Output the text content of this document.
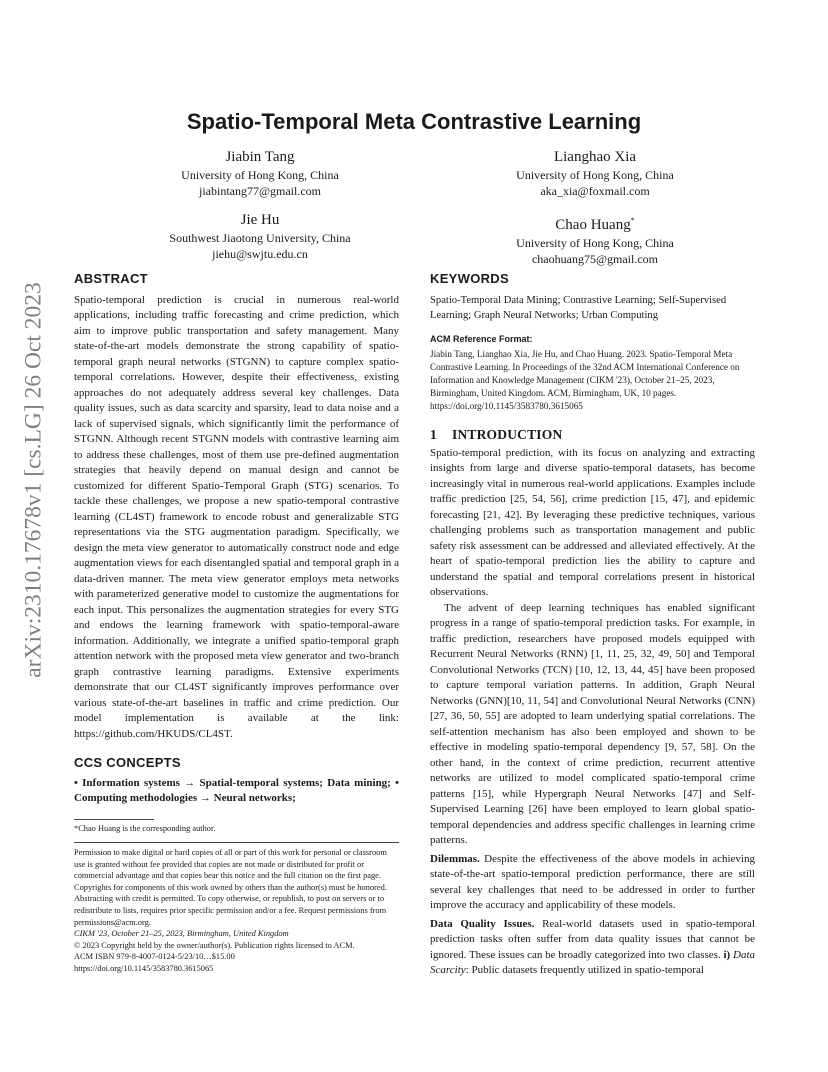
arXiv:2310.17678v1 [cs.LG] 26 Oct 2023
Spatio-Temporal Meta Contrastive Learning
Jiabin Tang
University of Hong Kong, China
jiabintang77@gmail.com
Lianghao Xia
University of Hong Kong, China
aka_xia@foxmail.com
Jie Hu
Southwest Jiaotong University, China
jiehu@swjtu.edu.cn
Chao Huang*
University of Hong Kong, China
chaohuang75@gmail.com
ABSTRACT

Spatio-temporal prediction is crucial in numerous real-world applications, including traffic forecasting and crime prediction, which aim to improve public transportation and safety management. Many state-of-the-art models demonstrate the strong capability of spatio-temporal graph neural networks (STGNN) to capture complex spatio-temporal correlations. However, despite their effectiveness, existing approaches do not adequately address several key challenges. Data quality issues, such as data scarcity and sparsity, lead to data noise and a lack of supervised signals, which significantly limit the performance of STGNN. Although recent STGNN models with contrastive learning aim to address these challenges, most of them use pre-defined augmentation strategies that heavily depend on manual design and cannot be customized for different Spatio-Temporal Graph (STG) scenarios. To tackle these challenges, we propose a new spatio-temporal contrastive learning (CL4ST) framework to encode robust and generalizable STG representations via the STG augmentation paradigm. Specifically, we design the meta view generator to automatically construct node and edge augmentation views for each disentangled spatial and temporal graph in a data-driven manner. The meta view generator employs meta networks with parameterized generative model to customize the augmentations for each input. This personalizes the augmentation strategies for every STG and endows the learning framework with spatio-temporal-aware information. Additionally, we integrate a unified spatio-temporal graph attention network with the proposed meta view generator and two-branch graph contrastive learning paradigms. Extensive experiments demonstrate that our CL4ST significantly improves performance over various state-of-the-art baselines in traffic and crime prediction. Our model implementation is available at the link: https://github.com/HKUDS/CL4ST.

CCS CONCEPTS

• Information systems → Spatial-temporal systems; Data mining; • Computing methodologies → Neural networks;

*Chao Huang is the corresponding author.

Permission to make digital or hard copies of all or part of this work for personal or classroom use is granted without fee provided that copies are not made or distributed for profit or commercial advantage and that copies bear this notice and the full citation on the first page. Copyrights for components of this work owned by others than the author(s) must be honored. Abstracting with credit is permitted. To copy otherwise, or republish, to post on servers or to redistribute to lists, requires prior specific permission and/or a fee. Request permissions from permissions@acm.org.

CIKM '23, October 21–25, 2023, Birmingham, United Kingdom

© 2023 Copyright held by the owner/author(s). Publication rights licensed to ACM.

ACM ISBN 979-8-4007-0124-5/23/10…$15.00

https://doi.org/10.1145/3583780.3615065

KEYWORDS

Spatio-Temporal Data Mining; Contrastive Learning; Self-Supervised Learning; Graph Neural Networks; Urban Computing

ACM Reference Format:

Jiabin Tang, Lianghao Xia, Jie Hu, and Chao Huang. 2023. Spatio-Temporal Meta Contrastive Learning. In Proceedings of the 32nd ACM International Conference on Information and Knowledge Management (CIKM '23), October 21–25, 2023, Birmingham, United Kingdom. ACM, Birmingham, UK, 10 pages. https://doi.org/10.1145/3583780.3615065

1 INTRODUCTION

Spatio-temporal prediction, with its focus on analyzing and extracting insights from large and diverse spatio-temporal datasets, has become increasingly vital in numerous real-world applications. Examples include traffic prediction [25, 54, 56], crime prediction [15, 47], and epidemic forecasting [21, 42]. By leveraging these predictive techniques, various challenging problems such as transportation management and public safety risk assessment can be addressed and alleviated effectively. At the heart of spatio-temporal prediction lies the ability to capture and understand the spatial and temporal correlations present in historical observations.

The advent of deep learning techniques has enabled significant progress in a range of spatio-temporal prediction tasks. For example, in traffic prediction, researchers have proposed models equipped with Recurrent Neural Networks (RNN) [1, 11, 25, 32, 49, 50] and Temporal Convolutional Networks (TCN) [10, 12, 13, 44, 45] have been proposed to capture temporal variation patterns. In addition, Graph Neural Networks (GNN)[10, 11, 54] and Convolutional Neural Networks (CNN)[27, 36, 50, 55] are adopted to learn underlying spatial correlations. The self-attention mechanism has also been employed and shown to be effective in modeling spatio-temporal dependency [9, 57, 58]. On the other hand, in the context of crime prediction, recurrent attentive networks are utilized to model complicated spatio-temporal crime patterns [15], while Hypergraph Neural Networks [47] and Self-Supervised Learning [26] have been employed to learn global spatio-temporal dependencies and address specific challenges in learning crime patterns.

Dilemmas. Despite the effectiveness of the above models in achieving state-of-the-art spatio-temporal prediction performance, there are still several key challenges that need to be addressed in order to further improve the accuracy and applicability of these models.

Data Quality Issues. Real-world datasets used in spatio-temporal prediction tasks often suffer from data quality issues that cannot be ignored. These issues can be broadly categorized into two classes. i) Data Scarcity: Public datasets frequently utilized in spatio-temporal
